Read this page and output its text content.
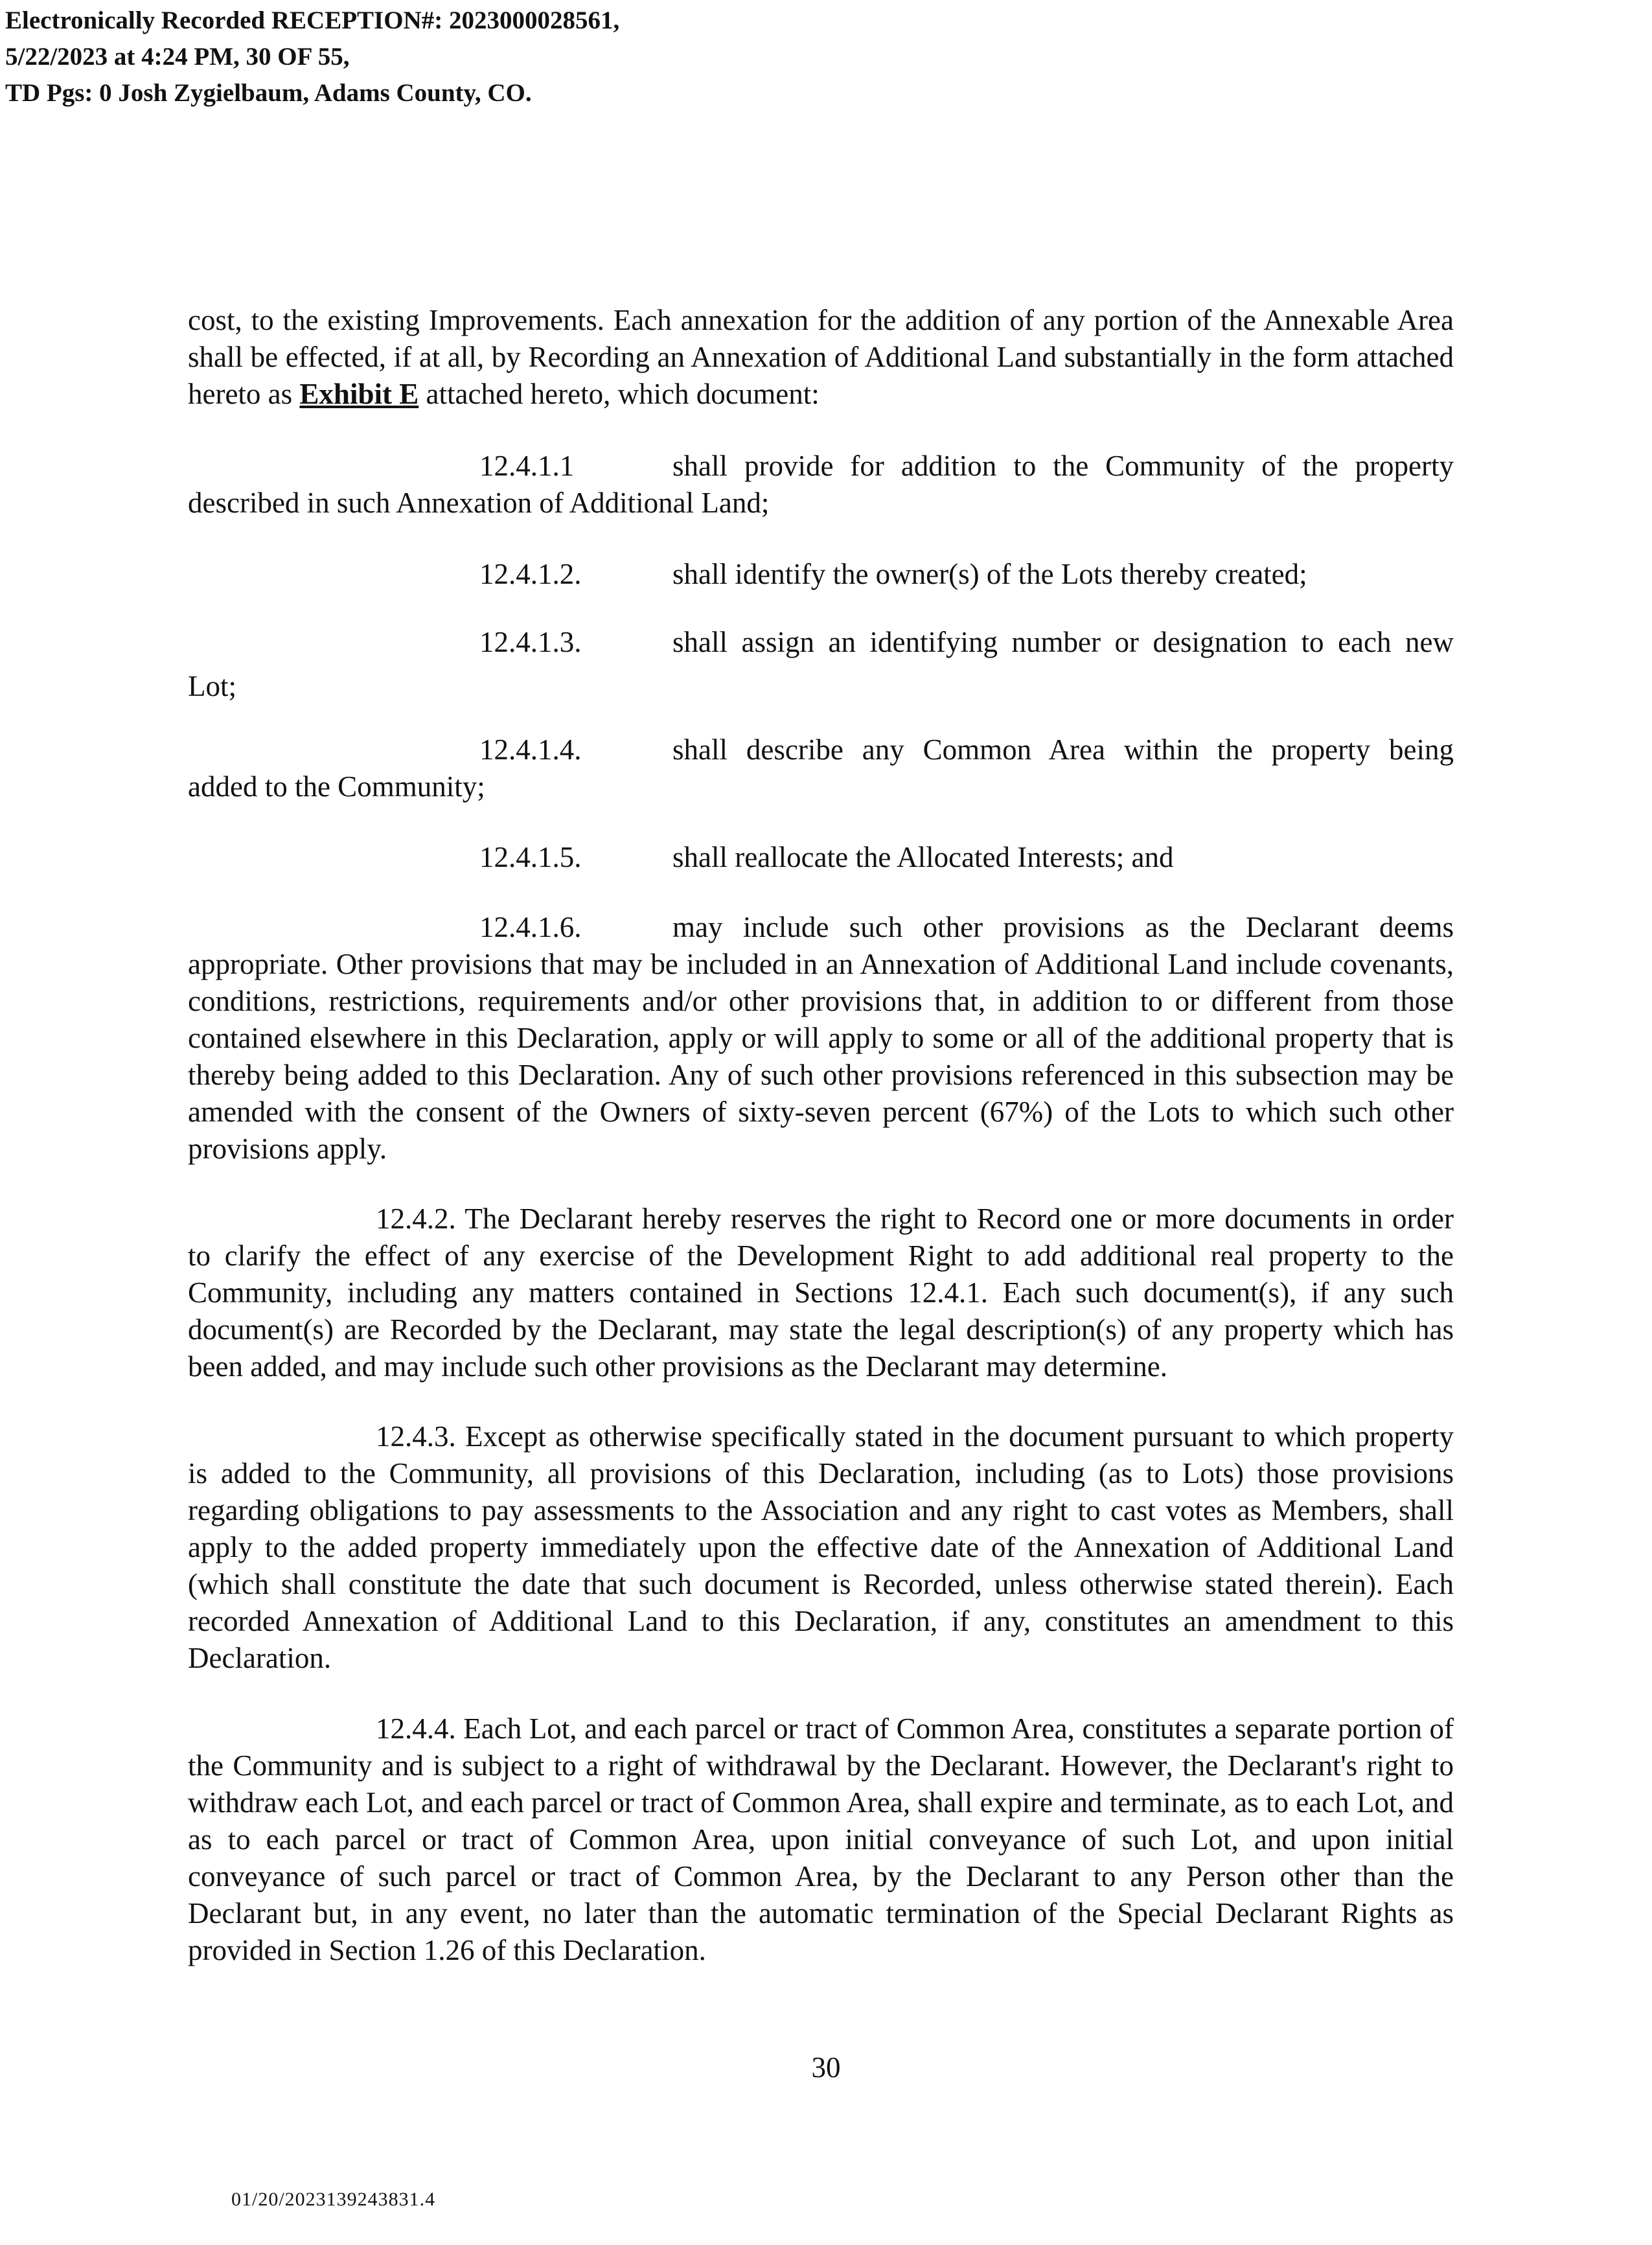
Electronically Recorded RECEPTION#: 2023000028561,
5/22/2023 at 4:24 PM, 30 OF 55,
TD Pgs: 0 Josh Zygielbaum, Adams County, CO.

cost, to the existing Improvements. Each annexation for the addition of any portion of the Annexable Area shall be effected, if at all, by Recording an Annexation of Additional Land substantially in the form attached hereto as Exhibit E attached hereto, which document:

12.4.1.1	shall provide for addition to the Community of the property
described in such Annexation of Additional Land;
12.4.1.2.	shall identify the owner(s) of the Lots thereby created;
12.4.1.3.	shall assign an identifying number or designation to each new
Lot;
12.4.1.4.	shall describe any Common Area within the property being
added to the Community;
12.4.1.5.	shall reallocate the Allocated Interests; and
12.4.1.6.	may include such other provisions as the Declarant deems

appropriate. Other provisions that may be included in an Annexation of Additional Land include covenants, conditions, restrictions, requirements and/or other provisions that, in addition to or different from those contained elsewhere in this Declaration, apply or will apply to some or all of the additional property that is thereby being added to this Declaration. Any of such other provisions referenced in this subsection may be amended with the consent of the Owners of sixty-seven percent (67%) of the Lots to which such other provisions apply.

12.4.2. The Declarant hereby reserves the right to Record one or more documents in order to clarify the effect of any exercise of the Development Right to add additional real property to the Community, including any matters contained in Sections 12.4.1. Each such document(s), if any such document(s) are Recorded by the Declarant, may state the legal description(s) of any property which has been added, and may include such other provisions as the Declarant may determine.

12.4.3. Except as otherwise specifically stated in the document pursuant to which property is added to the Community, all provisions of this Declaration, including (as to Lots) those provisions regarding obligations to pay assessments to the Association and any right to cast votes as Members, shall apply to the added property immediately upon the effective date of the Annexation of Additional Land (which shall constitute the date that such document is Recorded, unless otherwise stated therein). Each recorded Annexation of Additional Land to this Declaration, if any, constitutes an amendment to this Declaration.

12.4.4. Each Lot, and each parcel or tract of Common Area, constitutes a separate portion of the Community and is subject to a right of withdrawal by the Declarant. However, the Declarant's right to withdraw each Lot, and each parcel or tract of Common Area, shall expire and terminate, as to each Lot, and as to each parcel or tract of Common Area, upon initial conveyance of such Lot, and upon initial conveyance of such parcel or tract of Common Area, by the Declarant to any Person other than the Declarant but, in any event, no later than the automatic termination of the Special Declarant Rights as provided in Section 1.26 of this Declaration.

30
01/20/2023139243831.4
